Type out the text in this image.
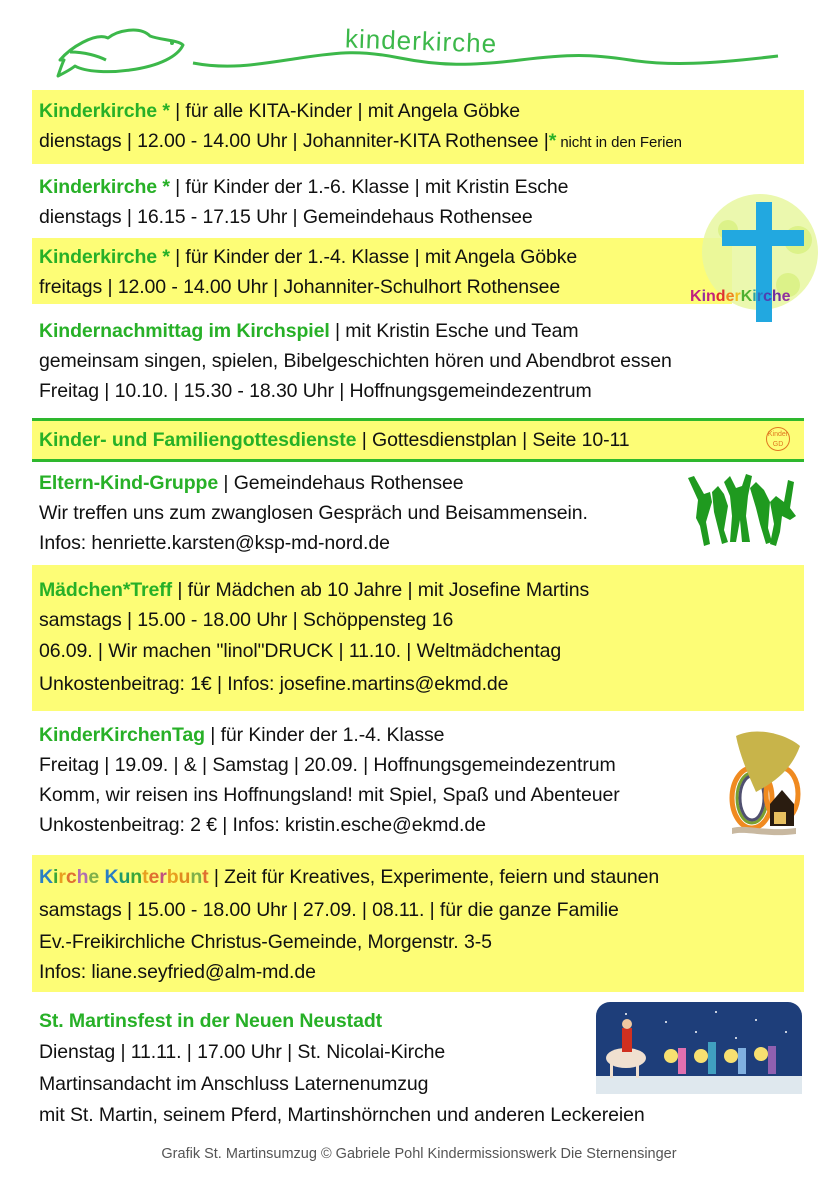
kinderkirche
Kinderkirche * | für alle KITA-Kinder | mit Angela Göbke
dienstags | 12.00 - 14.00 Uhr | Johanniter-KITA Rothensee |* nicht in den Ferien
Kinderkirche * | für Kinder der 1.-6. Klasse | mit Kristin Esche
dienstags | 16.15 - 17.15 Uhr | Gemeindehaus Rothensee
Kinderkirche * | für Kinder der 1.-4. Klasse | mit Angela Göbke
freitags | 12.00 - 14.00 Uhr | Johanniter-Schulhort Rothensee	KinderKirche
Kindernachmittag im Kirchspiel | mit Kristin Esche und Team
gemeinsam singen, spielen, Bibelgeschichten hören und Abendbrot essen
Freitag | 10.10. | 15.30 - 18.30 Uhr | Hoffnungsgemeindezentrum
Kinder- und Familiengottesdienste | Gottesdienstplan | Seite 10-11	Kinder
GD
Eltern-Kind-Gruppe | Gemeindehaus Rothensee
Wir treffen uns zum zwanglosen Gespräch und Beisammensein.
Infos: henriette.karsten@ksp-md-nord.de
Mädchen*Treff | für Mädchen ab 10 Jahre | mit Josefine Martins
samstags | 15.00 - 18.00 Uhr | Schöppensteg 16
06.09. | Wir machen "linol"DRUCK | 11.10. | Weltmädchentag
Unkostenbeitrag: 1€ | Infos: josefine.martins@ekmd.de
KinderKirchenTag | für Kinder der 1.-4. Klasse
Freitag | 19.09. | & | Samstag | 20.09. | Hoffnungsgemeindezentrum
Komm, wir reisen ins Hoffnungsland! mit Spiel, Spaß und Abenteuer
Unkostenbeitrag: 2 € | Infos: kristin.esche@ekmd.de
Kirche Kunterbunt | Zeit für Kreatives, Experimente, feiern und staunen
samstags | 15.00 - 18.00 Uhr | 27.09. | 08.11. | für die ganze Familie
Ev.-Freikirchliche Christus-Gemeinde, Morgenstr. 3-5
Infos: liane.seyfried@alm-md.de
St. Martinsfest in der Neuen Neustadt
Dienstag | 11.11. | 17.00 Uhr | St. Nicolai-Kirche
Martinsandacht im Anschluss Laternenumzug
mit St. Martin, seinem Pferd, Martinshörnchen und anderen Leckereien
Grafik St. Martinsumzug © Gabriele Pohl Kindermissionswerk Die Sternensinger
